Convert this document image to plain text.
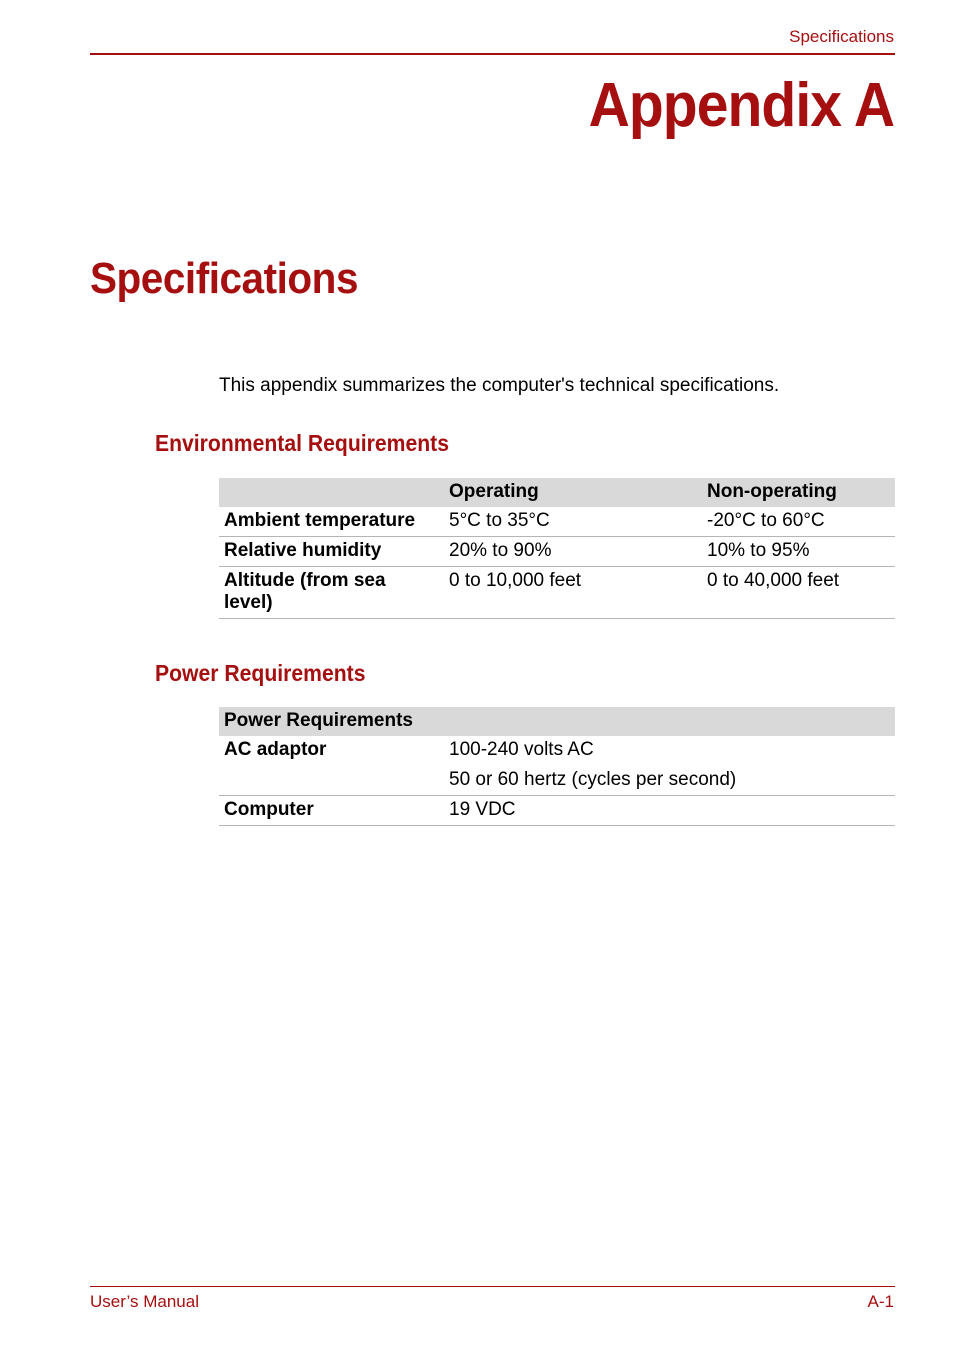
Specifications
Appendix A
Specifications

This appendix summarizes the computer's technical specifications.

Environmental Requirements
	Operating	Non-operating
Ambient temperature	5°C to 35°C	-20°C to 60°C
Relative humidity	20% to 90%	10% to 95%
Altitude (from sea level)	0 to 10,000 feet	0 to 40,000 feet
Power Requirements
Power Requirements	
AC adaptor	100-240 volts AC
50 or 60 hertz (cycles per second)

Computer	19 VDC
User’s Manual	A-1
